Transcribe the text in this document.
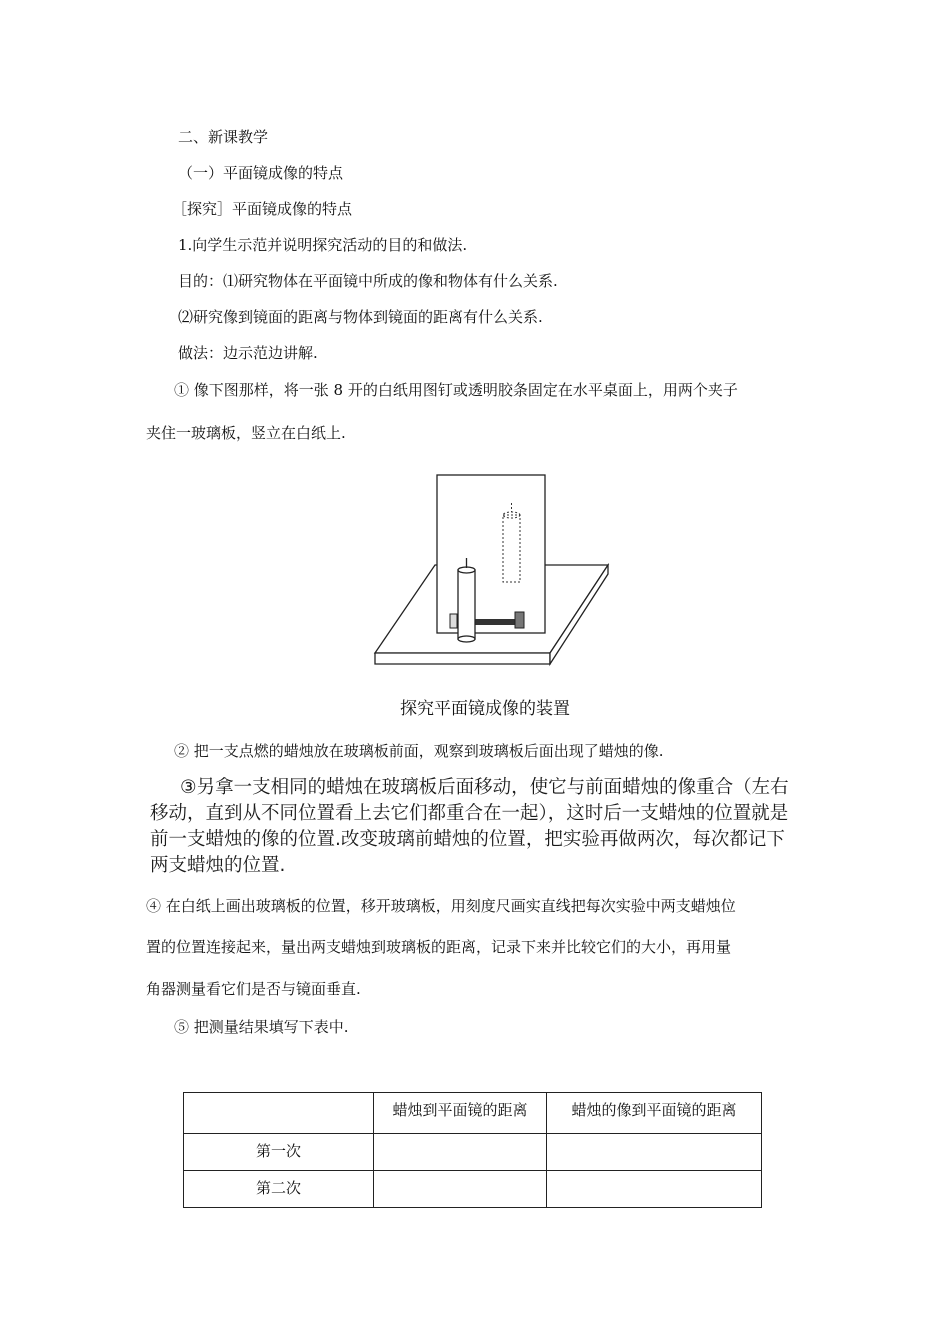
二、新课教学
（一）平面镜成像的特点
［探究］平面镜成像的特点
1.向学生示范并说明探究活动的目的和做法.
目的：⑴研究物体在平面镜中所成的像和物体有什么关系.
⑵研究像到镜面的距离与物体到镜面的距离有什么关系.
做法：边示范边讲解.
① 像下图那样，将一张 8 开的白纸用图钉或透明胶条固定在水平桌面上，用两个夹子
夹住一玻璃板，竖立在白纸上.
探究平面镜成像的装置
② 把一支点燃的蜡烛放在玻璃板前面，观察到玻璃板后面出现了蜡烛的像.
③另拿一支相同的蜡烛在玻璃板后面移动，使它与前面蜡烛的像重合（左右
移动，直到从不同位置看上去它们都重合在一起），这时后一支蜡烛的位置就是
前一支蜡烛的像的位置.改变玻璃前蜡烛的位置，把实验再做两次，每次都记下
两支蜡烛的位置.
④ 在白纸上画出玻璃板的位置，移开玻璃板，用刻度尺画实直线把每次实验中两支蜡烛位
置的位置连接起来，量出两支蜡烛到玻璃板的距离，记录下来并比较它们的大小，再用量
角器测量看它们是否与镜面垂直.
⑤ 把测量结果填写下表中.
	蜡烛到平面镜的距离	蜡烛的像到平面镜的距离
第一次		
第二次		
